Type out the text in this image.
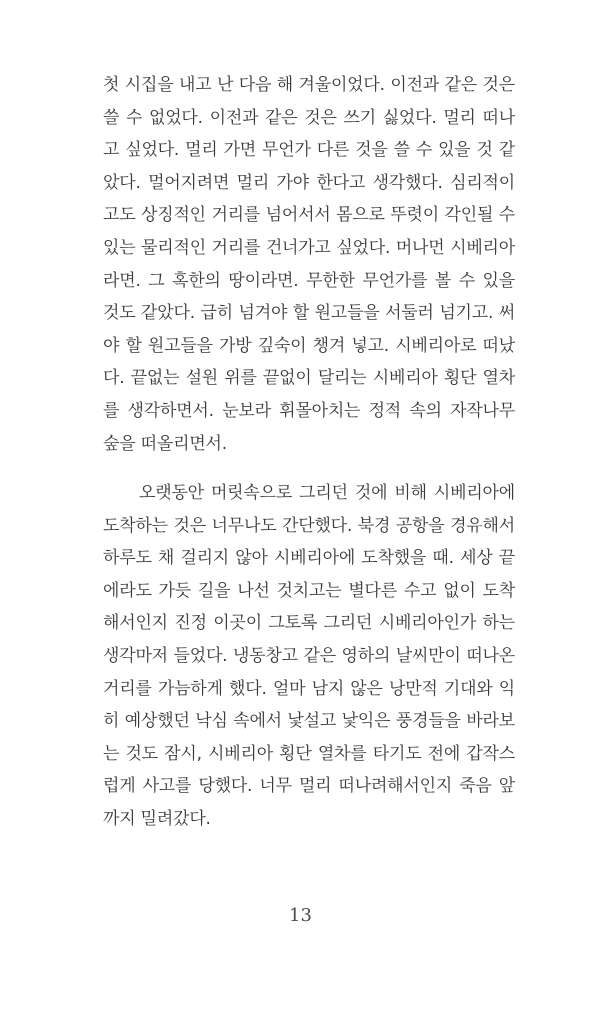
첫 시집을 내고 난 다음 해 겨울이었다. 이전과 같은 것은 쓸 수 없었다. 이전과 같은 것은 쓰기 싫었다. 멀리 떠나고 싶었다. 멀리 가면 무언가 다른 것을 쓸 수 있을 것 같았다. 멀어지려면 멀리 가야 한다고 생각했다. 심리적이고도 상징적인 거리를 넘어서서 몸으로 뚜렷이 각인될 수 있는 물리적인 거리를 건너가고 싶었다. 머나먼 시베리아라면. 그 혹한의 땅이라면. 무한한 무언가를 볼 수 있을 것도 같았다. 급히 넘겨야 할 원고들을 서둘러 넘기고. 써야 할 원고들을 가방 깊숙이 챙겨 넣고. 시베리아로 떠났다. 끝없는 설원 위를 끝없이 달리는 시베리아 횡단 열차를 생각하면서. 눈보라 휘몰아치는 정적 속의 자작나무 숲을 떠올리면서.

오랫동안 머릿속으로 그리던 것에 비해 시베리아에 도착하는 것은 너무나도 간단했다. 북경 공항을 경유해서 하루도 채 걸리지 않아 시베리아에 도착했을 때. 세상 끝에라도 가듯 길을 나선 것치고는 별다른 수고 없이 도착해서인지 진정 이곳이 그토록 그리던 시베리아인가 하는 생각마저 들었다. 냉동창고 같은 영하의 날씨만이 떠나온 거리를 가늠하게 했다. 얼마 남지 않은 낭만적 기대와 익히 예상했던 낙심 속에서 낯설고 낯익은 풍경들을 바라보는 것도 잠시, 시베리아 횡단 열차를 타기도 전에 갑작스럽게 사고를 당했다. 너무 멀리 떠나려해서인지 죽음 앞까지 밀려갔다.

13
